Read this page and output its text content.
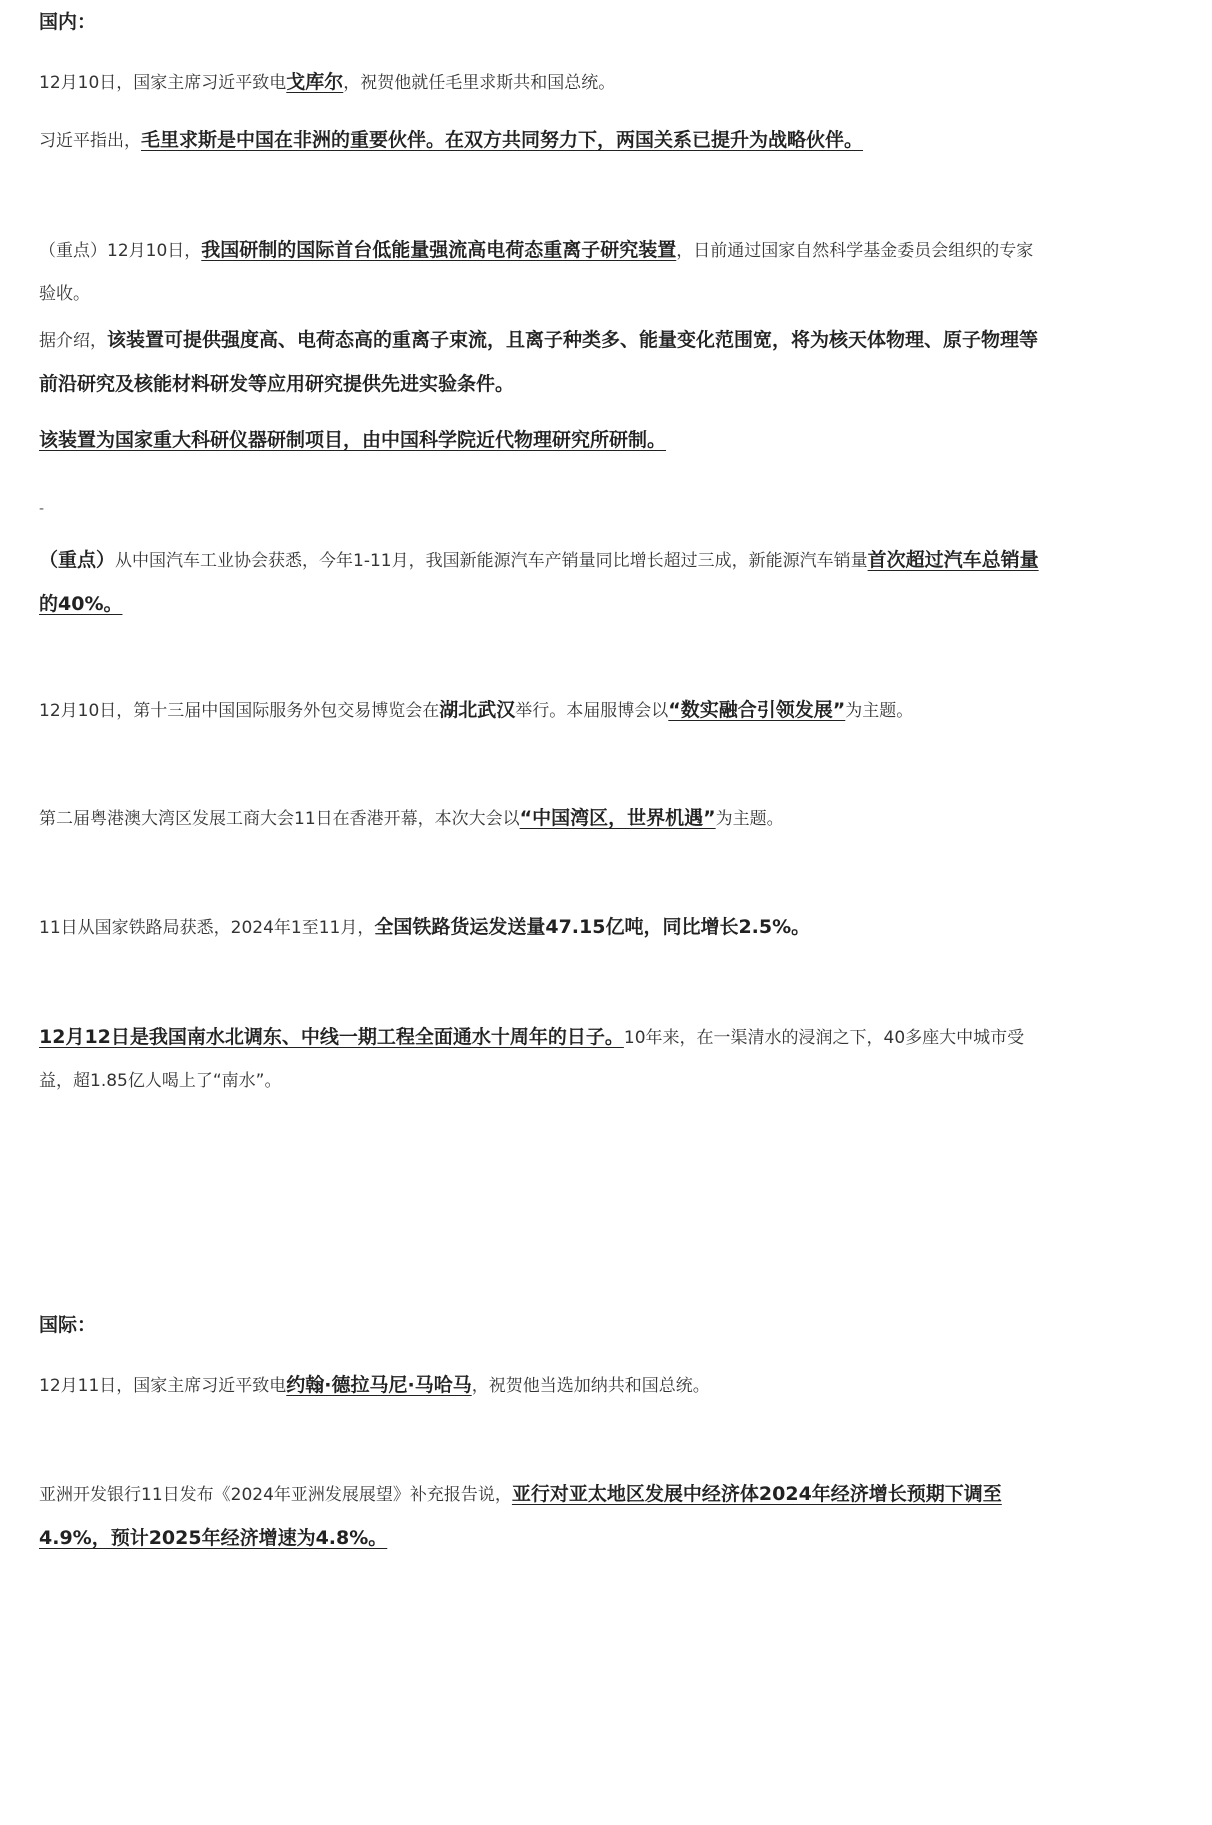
国内：

12月10日，国家主席习近平致电戈库尔，祝贺他就任毛里求斯共和国总统。

习近平指出，毛里求斯是中国在非洲的重要伙伴。在双方共同努力下，两国关系已提升为战略伙伴。

（重点）12月10日，我国研制的国际首台低能量强流高电荷态重离子研究装置，日前通过国家自然科学基金委员会组织的专家验收。

据介绍，该装置可提供强度高、电荷态高的重离子束流，且离子种类多、能量变化范围宽，将为核天体物理、原子物理等前沿研究及核能材料研发等应用研究提供先进实验条件。

该装置为国家重大科研仪器研制项目，由中国科学院近代物理研究所研制。

-

（重点）从中国汽车工业协会获悉，今年1-11月，我国新能源汽车产销量同比增长超过三成，新能源汽车销量首次超过汽车总销量的40%。

12月10日，第十三届中国国际服务外包交易博览会在湖北武汉举行。本届服博会以“数实融合引领发展”为主题。

第二届粤港澳大湾区发展工商大会11日在香港开幕，本次大会以“中国湾区，世界机遇”为主题。

11日从国家铁路局获悉，2024年1至11月，全国铁路货运发送量47.15亿吨，同比增长2.5%。

12月12日是我国南水北调东、中线一期工程全面通水十周年的日子。10年来，在一渠清水的浸润之下，40多座大中城市受益，超1.85亿人喝上了“南水”。

国际：

12月11日，国家主席习近平致电约翰·德拉马尼·马哈马，祝贺他当选加纳共和国总统。

亚洲开发银行11日发布《2024年亚洲发展展望》补充报告说，亚行对亚太地区发展中经济体2024年经济增长预期下调至4.9%，预计2025年经济增速为4.8%。
